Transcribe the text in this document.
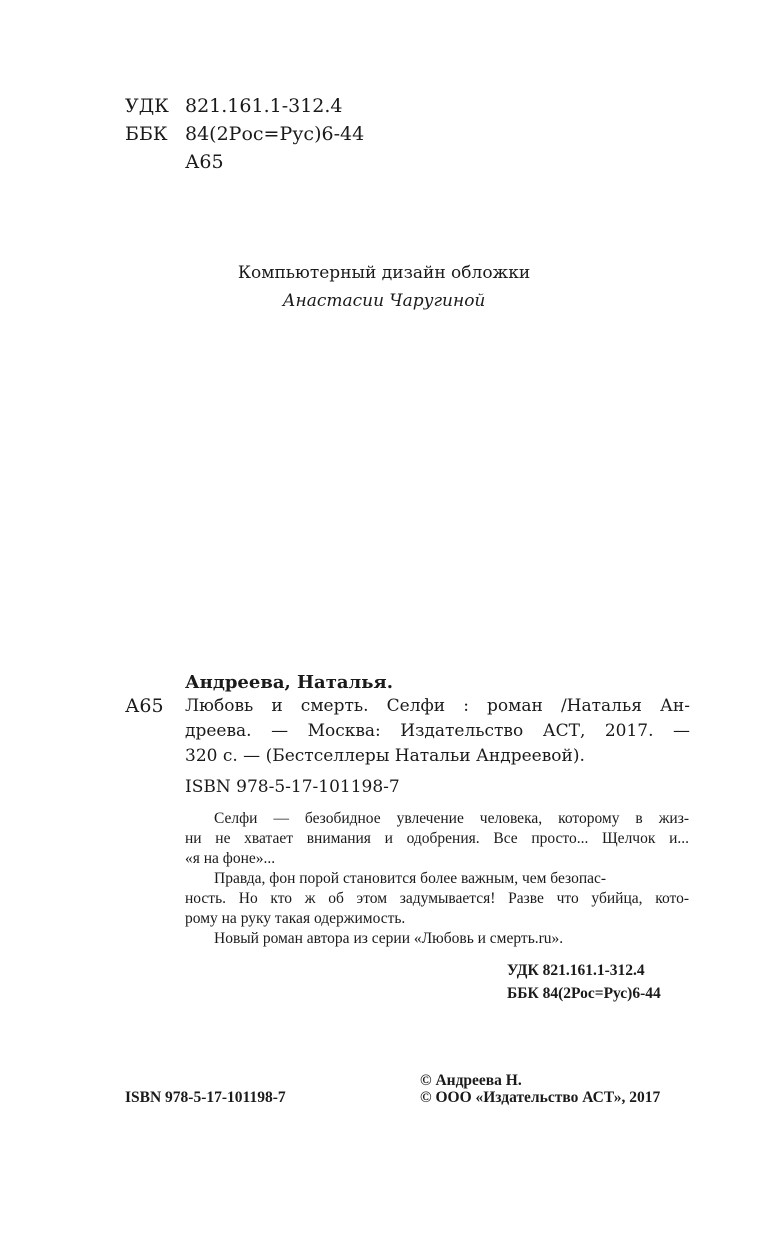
УДК 821.161.1-312.4
ББК 84(2Рос=Рус)6-44
А65
Компьютерный дизайн обложки
Анастасии Чаругиной
Андреева, Наталья.
А65 Любовь и смерть. Селфи : роман /Наталья Ан-
дреева. — Москва: Издательство АСТ, 2017. —
320 с. — (Бестселлеры Натальи Андреевой).
ISBN 978-5-17-101198-7
Селфи — безобидное увлечение человека, которому в жиз-
ни не хватает внимания и одобрения. Все просто... Щелчок и...
«я на фоне»...
Правда, фон порой становится более важным, чем безопас-
ность. Но кто ж об этом задумывается! Разве что убийца, кото-
рому на руку такая одержимость.
Новый роман автора из серии «Любовь и смерть.ru».
УДК 821.161.1-312.4
ББК 84(2Рос=Рус)6-44
ISBN 978-5-17-101198-7
© Андреева Н.
© ООО «Издательство АСТ», 2017
